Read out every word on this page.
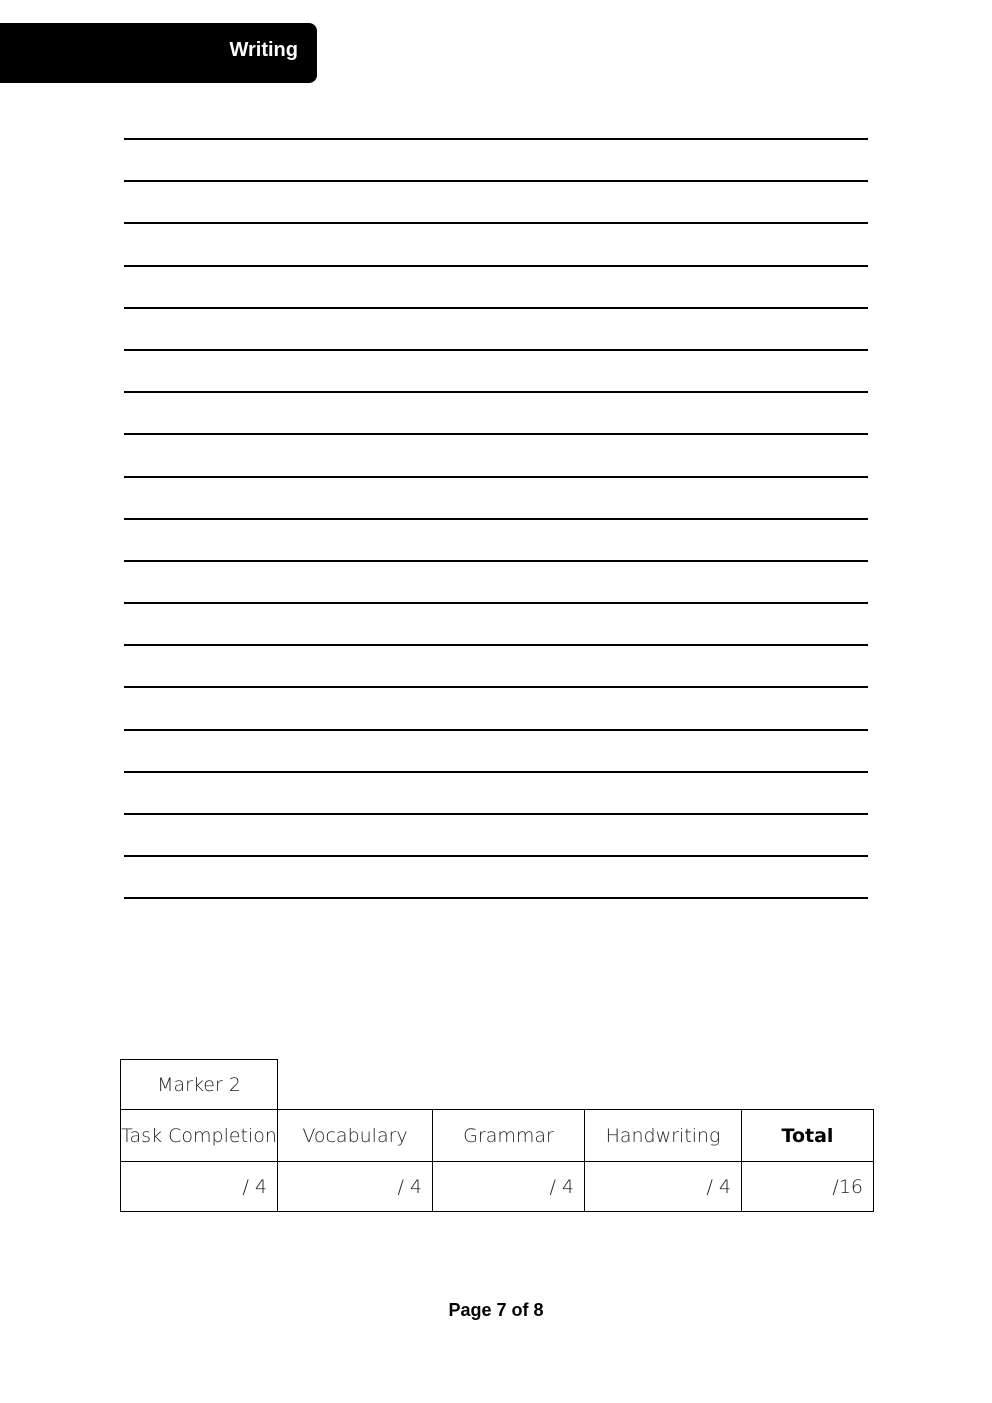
Writing
Marker 2				
Task Completion	Vocabulary	Grammar	Handwriting	Total
/ 4	/ 4	/ 4	/ 4	/16
Page 7 of 8
